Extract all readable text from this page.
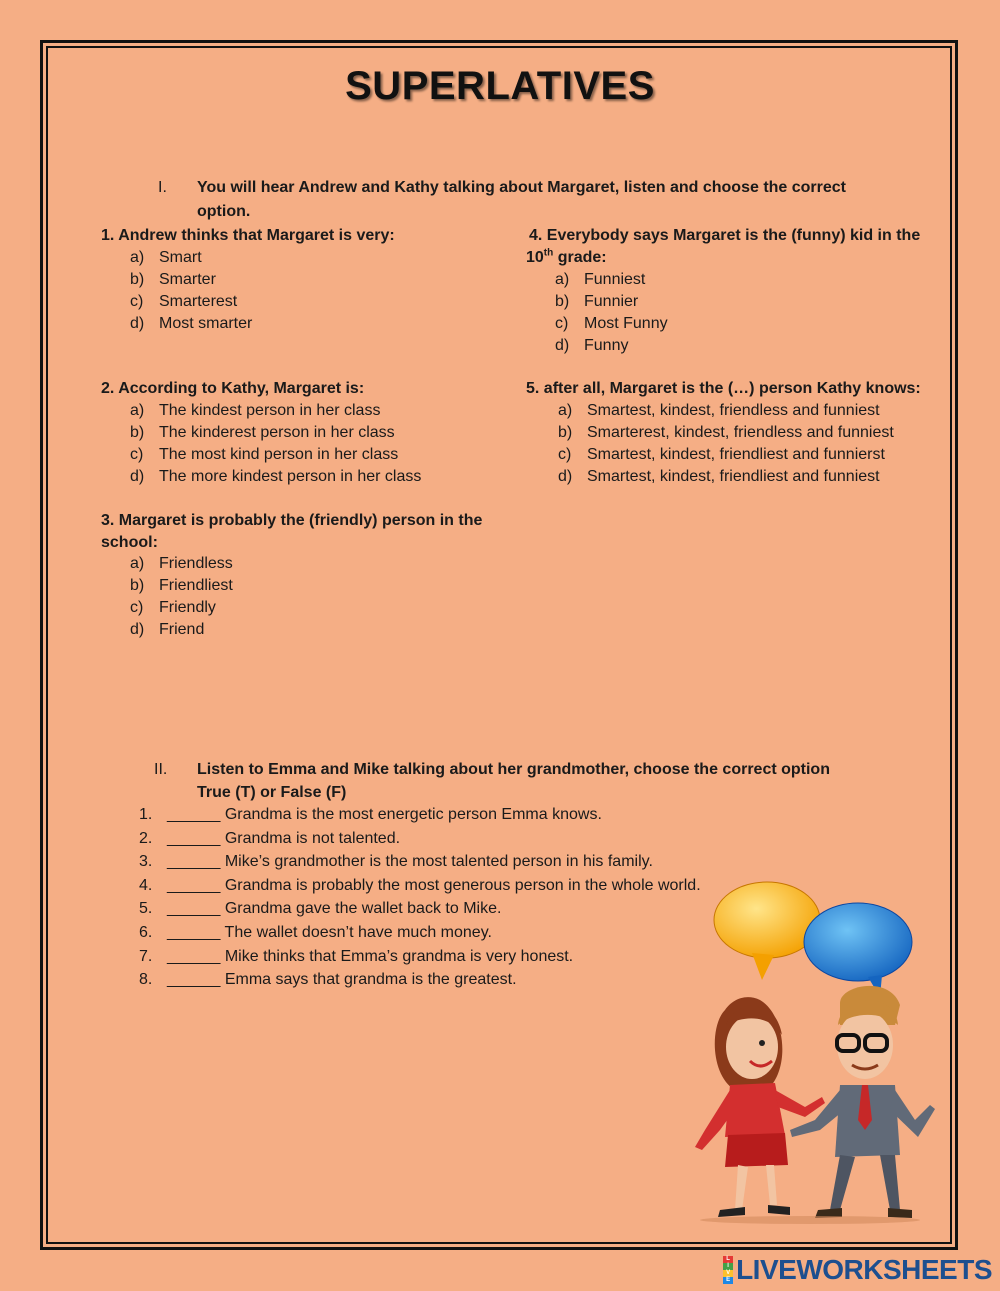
SUPERLATIVES
I. You will hear Andrew and Kathy talking about Margaret, listen and choose the correct
option.
1. Andrew thinks that Margaret is very:
a) Smart
b) Smarter
c) Smarterest
d) Most smarter
2. According to Kathy, Margaret is:
a) The kindest person in her class
b) The kinderest person in her class
c) The most kind person in her class
d) The more kindest person in her class
3. Margaret is probably the (friendly) person in the
school:
a) Friendless
b) Friendliest
c) Friendly
d) Friend
4. Everybody says Margaret is the (funny) kid in the
10th grade:
a) Funniest
b) Funnier
c) Most Funny
d) Funny
5. after all, Margaret is the (…) person Kathy knows:
a) Smartest, kindest, friendless and funniest
b) Smarterest, kindest, friendless and funniest
c) Smartest, kindest, friendliest and funnierst
d) Smartest, kindest, friendliest and funniest
II. Listen to Emma and Mike talking about her grandmother, choose the correct option
True (T) or False (F)
1. ______ Grandma is the most energetic person Emma knows.
2. ______ Grandma is not talented.
3. ______ Mike’s grandmother is the most talented person in his family.
4. ______ Grandma is probably the most generous person in the whole world.
5. ______ Grandma gave the wallet back to Mike.
6. ______ The wallet doesn’t have much money.
7. ______ Mike thinks that Emma’s grandma is very honest.
8. ______ Emma says that grandma is the greatest.
L
I
V
E LIVEWORKSHEETS
